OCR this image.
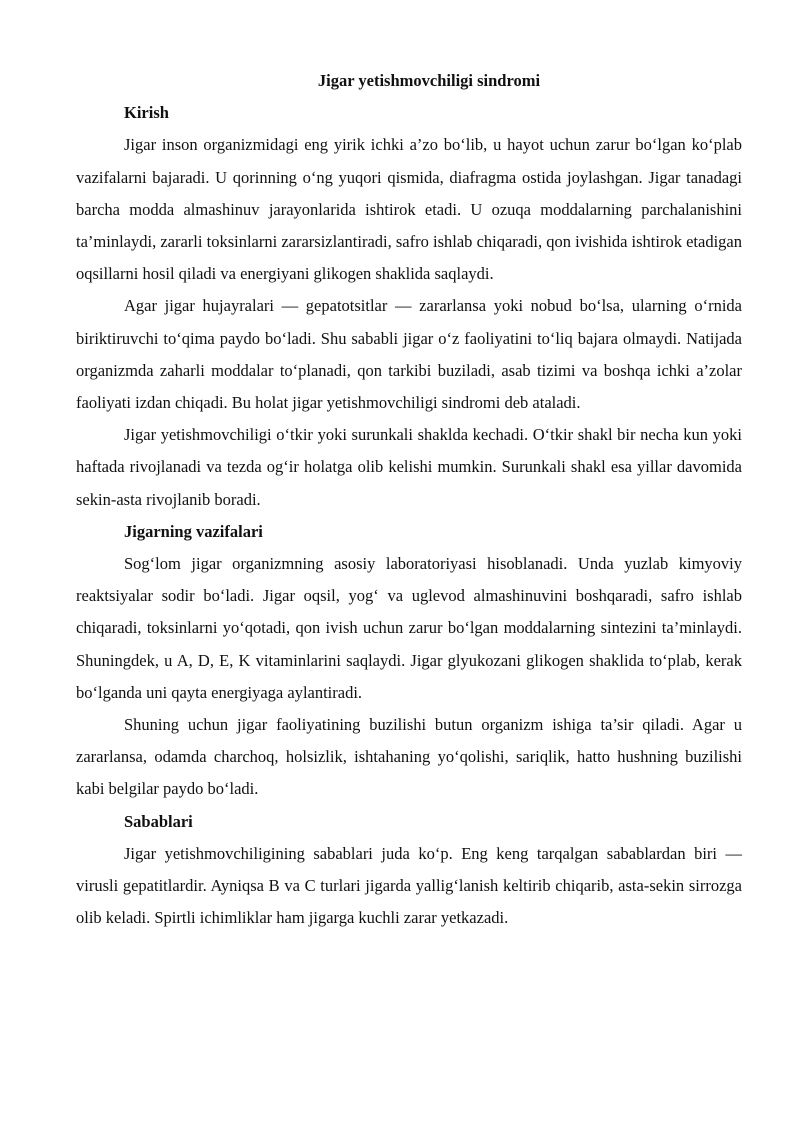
Jigar yetishmovchiligi sindromi

Kirish

Jigar inson organizmidagi eng yirik ichki a’zo bo‘lib, u hayot uchun zarur bo‘lgan ko‘plab vazifalarni bajaradi. U qorinning o‘ng yuqori qismida, diafragma ostida joylashgan. Jigar tanadagi barcha modda almashinuv jarayonlarida ishtirok etadi. U ozuqa moddalarning parchalanishini ta’minlaydi, zararli toksinlarni zararsizlantiradi, safro ishlab chiqaradi, qon ivishida ishtirok etadigan oqsillarni hosil qiladi va energiyani glikogen shaklida saqlaydi.

Agar jigar hujayralari — gepatotsitlar — zararlansa yoki nobud bo‘lsa, ularning o‘rnida biriktiruvchi to‘qima paydo bo‘ladi. Shu sababli jigar o‘z faoliyatini to‘liq bajara olmaydi. Natijada organizmda zaharli moddalar to‘planadi, qon tarkibi buziladi, asab tizimi va boshqa ichki a’zolar faoliyati izdan chiqadi. Bu holat jigar yetishmovchiligi sindromi deb ataladi.

Jigar yetishmovchiligi o‘tkir yoki surunkali shaklda kechadi. O‘tkir shakl bir necha kun yoki haftada rivojlanadi va tezda og‘ir holatga olib kelishi mumkin. Surunkali shakl esa yillar davomida sekin-asta rivojlanib boradi.

Jigarning vazifalari

Sog‘lom jigar organizmning asosiy laboratoriyasi hisoblanadi. Unda yuzlab kimyoviy reaktsiyalar sodir bo‘ladi. Jigar oqsil, yog‘ va uglevod almashinuvini boshqaradi, safro ishlab chiqaradi, toksinlarni yo‘qotadi, qon ivish uchun zarur bo‘lgan moddalarning sintezini ta’minlaydi. Shuningdek, u A, D, E, K vitaminlarini saqlaydi. Jigar glyukozani glikogen shaklida to‘plab, kerak bo‘lganda uni qayta energiyaga aylantiradi.

Shuning uchun jigar faoliyatining buzilishi butun organizm ishiga ta’sir qiladi. Agar u zararlansa, odamda charchoq, holsizlik, ishtahaning yo‘qolishi, sariqlik, hatto hushning buzilishi kabi belgilar paydo bo‘ladi.

Sabablari

Jigar yetishmovchiligining sabablari juda ko‘p. Eng keng tarqalgan sabablardan biri — virusli gepatitlardir. Ayniqsa B va C turlari jigarda yallig‘lanish keltirib chiqarib, asta-sekin sirrozga olib keladi. Spirtli ichimliklar ham jigarga kuchli zarar yetkazadi.
